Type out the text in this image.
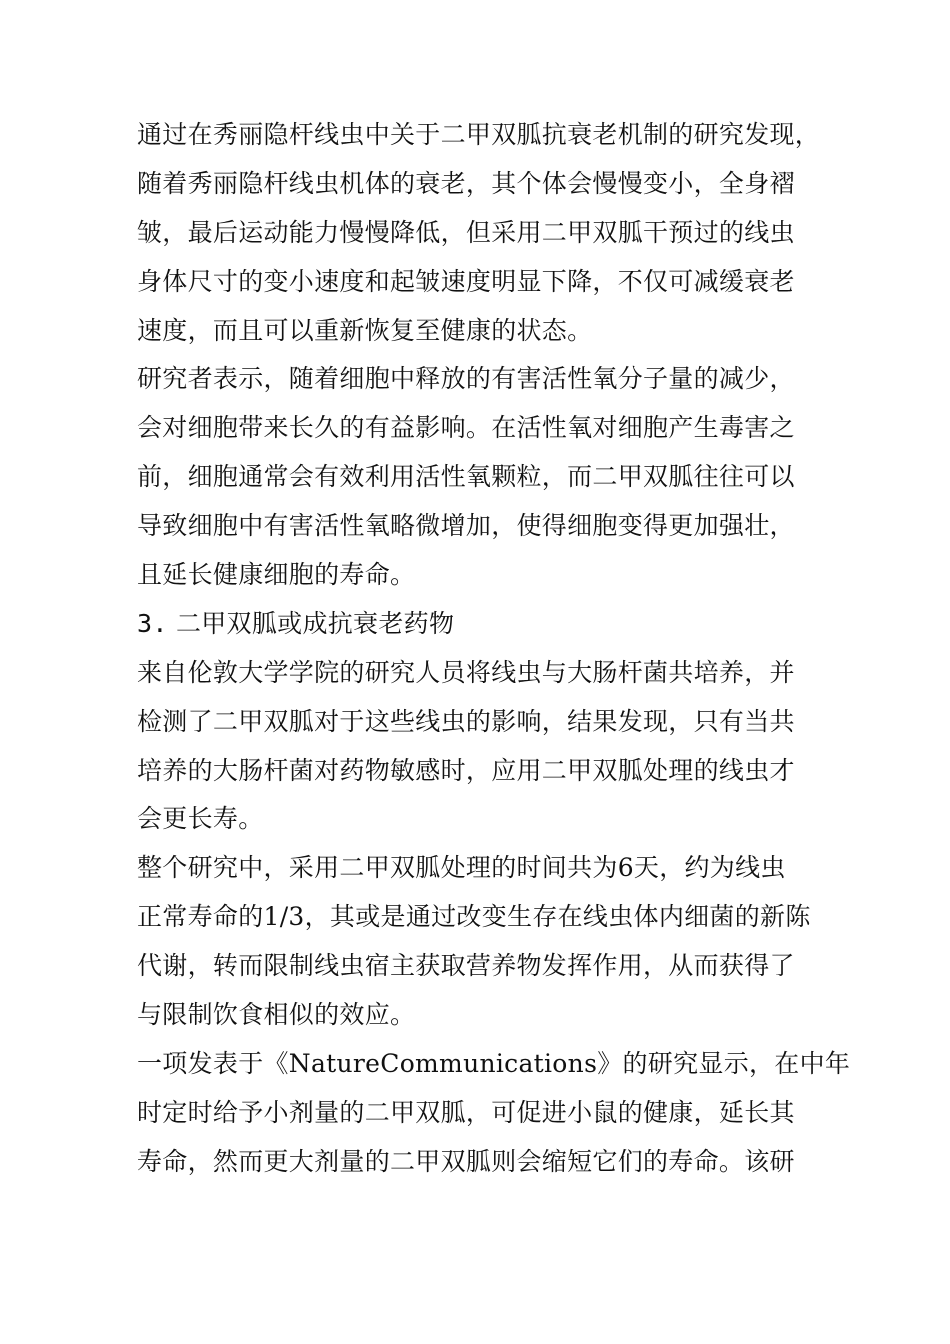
通过在秀丽隐杆线虫中关于二甲双胍抗衰老机制的研究发现，
随着秀丽隐杆线虫机体的衰老，其个体会慢慢变小，全身褶
皱，最后运动能力慢慢降低，但采用二甲双胍干预过的线虫
身体尺寸的变小速度和起皱速度明显下降，不仅可减缓衰老
速度，而且可以重新恢复至健康的状态。
研究者表示，随着细胞中释放的有害活性氧分子量的减少，
会对细胞带来长久的有益影响。在活性氧对细胞产生毒害之
前，细胞通常会有效利用活性氧颗粒，而二甲双胍往往可以
导致细胞中有害活性氧略微增加，使得细胞变得更加强壮，
且延长健康细胞的寿命。
3. 二甲双胍或成抗衰老药物
来自伦敦大学学院的研究人员将线虫与大肠杆菌共培养，并
检测了二甲双胍对于这些线虫的影响，结果发现，只有当共
培养的大肠杆菌对药物敏感时，应用二甲双胍处理的线虫才
会更长寿。
整个研究中，采用二甲双胍处理的时间共为6天，约为线虫
正常寿命的1/3，其或是通过改变生存在线虫体内细菌的新陈
代谢，转而限制线虫宿主获取营养物发挥作用，从而获得了
与限制饮食相似的效应。
一项发表于《NatureCommunications》的研究显示，在中年
时定时给予小剂量的二甲双胍，可促进小鼠的健康，延长其
寿命，然而更大剂量的二甲双胍则会缩短它们的寿命。该研
